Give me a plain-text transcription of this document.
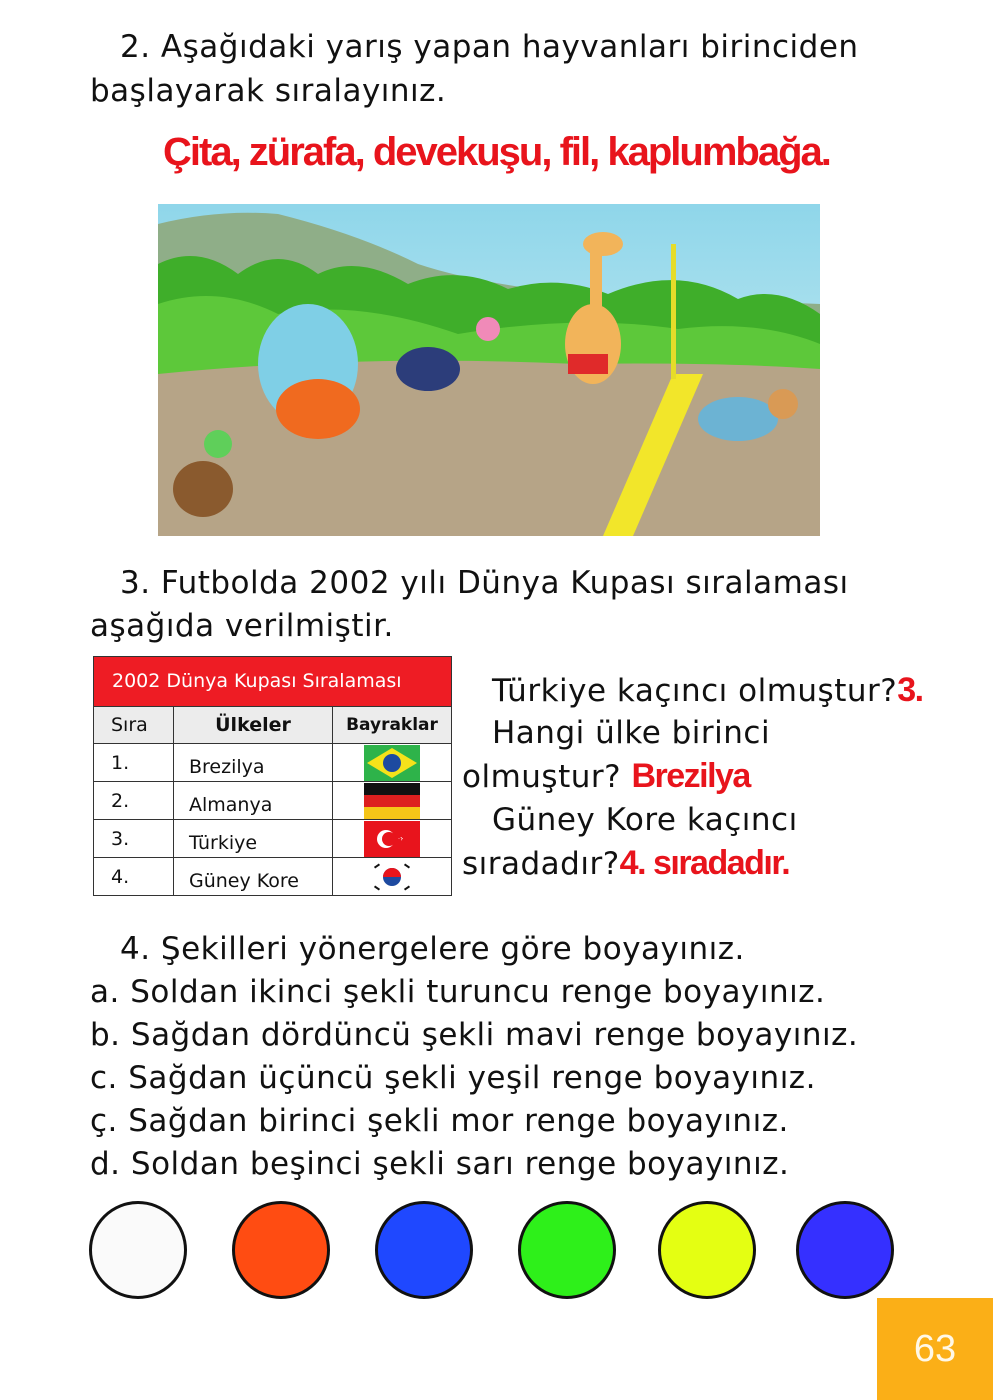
2. Aşağıdaki yarış yapan hayvanları birinciden
başlayarak sıralayınız.
Çita, zürafa, devekuşu, fil, kaplumbağa.
3. Futbolda 2002 yılı Dünya Kupası sıralaması
aşağıda verilmiştir.
2002 Dünya Kupası Sıralaması
Sıra	Ülkeler	Bayraklar
1.	Brezilya
2.	Almanya
3.	Türkiye
4.	Güney Kore
Türkiye kaçıncı olmuştur?3.
Hangi ülke birinci
olmuştur? Brezilya
Güney Kore kaçıncı
sıradadır?4. sıradadır.
4. Şekilleri yönergelere göre boyayınız.
a. Soldan ikinci şekli turuncu renge boyayınız.
b. Sağdan dördüncü şekli mavi renge boyayınız.
c. Sağdan üçüncü şekli yeşil renge boyayınız.
ç. Sağdan birinci şekli mor renge boyayınız.
d. Soldan beşinci şekli sarı renge boyayınız.
63
